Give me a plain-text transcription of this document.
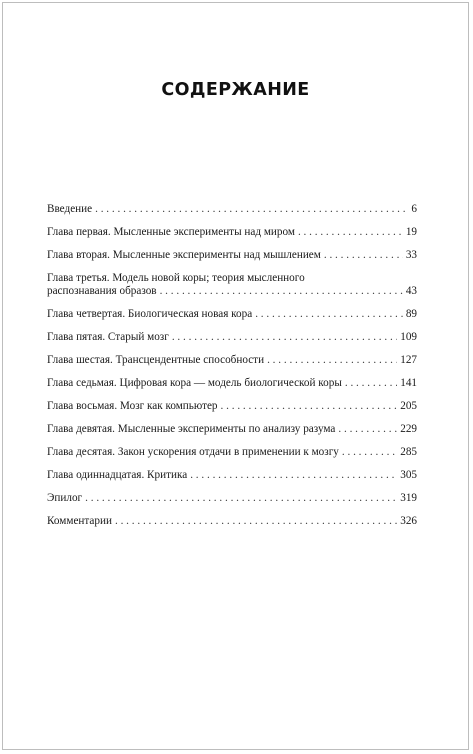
СОДЕРЖАНИЕ
Введение . . .	6
Глава первая. Мысленные эксперименты над миром . . .	19
Глава вторая. Мысленные эксперименты над мышлением . . .	33
Глава третья. Модель новой коры; теория мысленного
распознавания образов . . .	43
Глава четвертая. Биологическая новая кора . . .	89
Глава пятая. Старый мозг . . .	109
Глава шестая. Трансцендентные способности . . .	127
Глава седьмая. Цифровая кора — модель биологической коры . . .	141
Глава восьмая. Мозг как компьютер . . .	205
Глава девятая. Мысленные эксперименты по анализу разума . . .	229
Глава десятая. Закон ускорения отдачи в применении к мозгу . . .	285
Глава одиннадцатая. Критика . . .	305
Эпилог . . .	319
Комментарии . . .	326
